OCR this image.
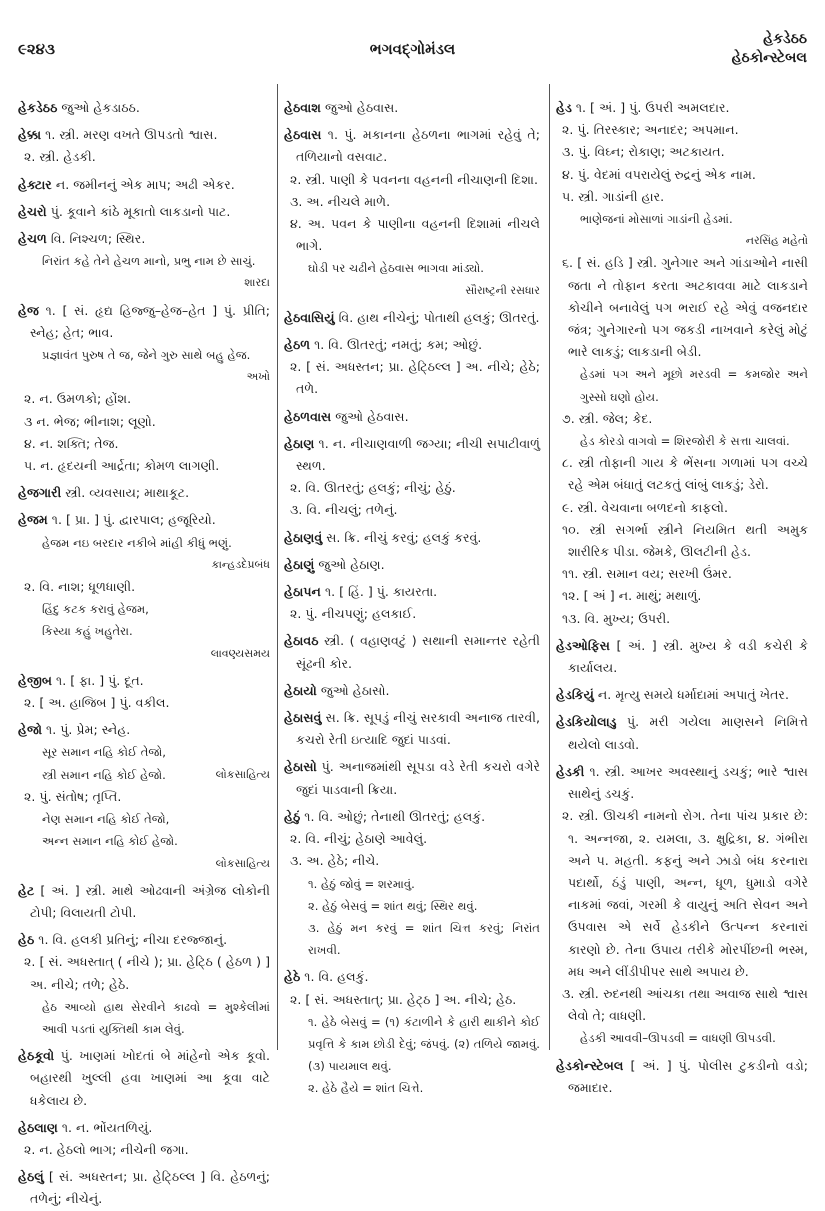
૯૨૪૩	ભગવદ્ગોમંડલ
હેકડેઠઠ
હેઠકોન્સ્ટેબલ
હેકડેઠઠ જુઓ હેકડાઠઠ.
હેક્કા ૧. સ્ત્રી. મરણ વખતે ઊપડતો શ્વાસ.
૨. સ્ત્રી. હેડકી.
હેક્ટાર ન. જમીનનું એક માપ; અઢી એકર.
હેચરો પું. કૂવાને કાંઠે મૂકાતો લાકડાનો પાટ.
હેચળ વિ. નિશ્ચળ; સ્થિર.
નિરાંત કહે તેને હેચળ માનો, પ્રભુ નામ છે સાચું.
શારદા
હેજ ૧. [ સં. હૃદ્ય હિજ્જુ–હેજ–હેત ] પું. પ્રીતિ; સ્નેહ; હેત; ભાવ.
પ્રજ્ઞાવંત પુરુષ તે જ, જેને ગુરુ સાથે બહુ હેજ.
અખો
૨. ન. ઉમળકો; હોંશ.
૩ ન. ભેજ; ભીનાશ; લૂણો.
૪. ન. શક્તિ; તેજ.
૫. ન. હૃદયની આર્દ્રતા; કોમળ લાગણી.
હેજગારી સ્ત્રી. વ્યવસાય; માથાકૂટ.
હેજમ ૧. [ પ્રા. ] પું. દ્વારપાલ; હજૂરિયો.
હેજમ નઇ બરદાર નકીબે માંહી કીધું ભણું.
કાન્હડદેપ્રબંધ
૨. વિ. નાશ; ધૂળધાણી.
હિંદુ કટક કરાવું હેજમ,
કિસ્યા કહું ખહુતેરા.
લાવણ્યસમય
હેજીબ ૧. [ ફા. ] પું. દૂત.
૨. [ અ. હાજિબ ] પું. વકીલ.
હેજો ૧. પું. પ્રેમ; સ્નેહ.
સૂર સમાન નહિ કોઈ તેજો,
સ્ત્રી સમાન નહિ કોઈ હેજો.	લોકસાહિત્ય
૨. પું. સંતોષ; તૃપ્તિ.
નેણ સમાન નહિ કોઈ તેજો,
અન્ન સમાન નહિ કોઈ હેજો.
લોકસાહિત્ય
હેટ [ અં. ] સ્ત્રી. માથે ઓઢવાની અંગ્રેજ લોકોની ટોપી; વિલાયતી ટોપી.
હેઠ ૧. વિ. હલકી પ્રતિનું; નીચા દરજ્જાનું.
૨. [ સં. અધસ્તાત્ ( નીચે ); પ્રા. હેટ્ઠિ ( હેઠળ ) ] અ. નીચે; તળે; હેઠે.
હેઠ આવ્યો હાથ સેરવીને કાઢવો = મુશ્કેલીમાં આવી પડતાં યુક્તિથી કામ લેવું.
હેઠકૂવો પું. ખાણમાં ખોદતાં બે માંહેનો એક કૂવો. બહારથી ખુલ્લી હવા ખાણમાં આ કૂવા વાટે ધકેલાય છે.
હેઠલાણ ૧. ન. ભોંયતળિયું.
૨. ન. હેઠલો ભાગ; નીચેની જગા.
હેઠલું [ સં. અધસ્તન; પ્રા. હેટ્ઠિલ્લ ] વિ. હેઠળનું; તળેનું; નીચેનું.
હેઠવાશ જુઓ હેઠવાસ.
હેઠવાસ ૧. પું. મકાનના હેઠળના ભાગમાં રહેવું તે; તળિયાનો વસવાટ.
૨. સ્ત્રી. પાણી કે પવનના વહનની નીચાણની દિશા.
૩. અ. નીચલે માળે.
૪. અ. પવન કે પાણીના વહનની દિશામાં નીચલે ભાગે.
ઘોડી પર ચઢીને હેઠવાસ ભાગવા માંડ્યો.
સૌરાષ્ટ્રની રસધાર
હેઠવાસિયું વિ. હાથ નીચેનું; પોતાથી હલકું; ઊતરતું.
હેઠળ ૧. વિ. ઊતરતું; નમતું; કમ; ઓછું.
૨. [ સં. અધસ્તન; પ્રા. હેટ્ઠિલ્લ ] અ. નીચે; હેઠે; તળે.
હેઠળવાસ જુઓ હેઠવાસ.
હેઠાણ ૧. ન. નીચાણવાળી જગ્યા; નીચી સપાટીવાળું સ્થળ.
૨. વિ. ઊતરતું; હલકું; નીચું; હેઠું.
૩. વિ. નીચલું; તળેનું.
હેઠાણવું સ. ક્રિ. નીચું કરવું; હલકું કરવું.
હેઠાણું જુઓ હેઠાણ.
હેઠાપન ૧. [ હિં. ] પું. કાયરતા.
૨. પું. નીચપણું; હલકાઈ.
હેઠાવઠ સ્ત્રી. ( વહાણવટું ) સથાની સમાન્તર રહેતી સૂંઢની કોર.
હેઠાયો જુઓ હેઠાસો.
હેઠાસવું સ. ક્રિ. સૂપડું નીચું સરકાવી અનાજ તારવી, કચરો રેતી ઇત્યાદિ જુદાં પાડવાં.
હેઠાસો પું. અનાજમાંથી સૂપડા વડે રેતી કચરો વગેરે જુદાં પાડવાની ક્રિયા.
હેઠું ૧. વિ. ઓછું; તેનાથી ઊતરતું; હલકું.
૨. વિ. નીચું; હેઠાણે આવેલું.
૩. અ. હેઠે; નીચે.
૧. હેઠું જોવું = શરમાવું.
૨. હેઠું બેસવું = શાંત થવું; સ્થિર થવું.
૩. હેઠું મન કરવું = શાંત ચિત્ત કરવું; નિરાંત રાખવી.
હેઠે ૧. વિ. હલકું.
૨. [ સં. અધસ્તાત્; પ્રા. હેટ્ઠ ] અ. નીચે; હેઠ.
૧. હેઠે બેસવું = (૧) કંટાળીને કે હારી થાકીને કોઈ પ્રવૃત્તિ કે કામ છોડી દેવું; જંપવું. (૨) તળિયે જામવું. (૩) પાયમાલ થવું.
૨. હેઠે હૈયે = શાંત ચિત્તે.
હેડ ૧. [ અં. ] પું. ઉપરી અમલદાર.
૨. પું. તિરસ્કાર; અનાદર; અપમાન.
૩. પું. વિઘ્ન; રોકાણ; અટકાયત.
૪. પું. વેદમાં વપરાયેલું રુદ્રનું એક નામ.
૫. સ્ત્રી. ગાડાંની હાર.
ભાણેજનાં મોસાળાં ગાડાંની હેડમાં.
નરસિંહ મહેતો
૬. [ સં. હડિ ] સ્ત્રી. ગુનેગાર અને ગાંડાઓને નાસી જતા ને તોફાન કરતા અટકાવવા માટે લાકડાને કોચીને બનાવેલું પગ ભરાઈ રહે એવું વજનદાર જંત્ર; ગુનેગારનો પગ જકડી નાખવાને કરેલું મોટું ભારે લાકડું; લાકડાની બેડી.
હેડમાં પગ અને મૂછો મરડવી = કમજોર અને ગુસ્સો ઘણો હોય.
૭. સ્ત્રી. જેલ; કેદ.
હેડ કોરડો વાગવો = શિરજોરી કે સત્તા ચાલવાં.
૮. સ્ત્રી તોફાની ગાય કે ભેંસના ગળામાં પગ વચ્ચે રહે એમ બંધાતું લટકતું લાંબું લાકડું; ડેરો.
૯. સ્ત્રી. વેચવાના બળદનો કાફલો.
૧૦. સ્ત્રી સગર્ભા સ્ત્રીને નિયમિત થતી અમુક શારીરિક પીડા. જેમકે, ઊલટીની હેડ.
૧૧. સ્ત્રી. સમાન વય; સરખી ઉંમર.
૧૨. [ અં ] ન. માથું; મથાળું.
૧૩. વિ. મુખ્ય; ઉપરી.
હેડઓફિસ [ અં. ] સ્ત્રી. મુખ્ય કે વડી કચેરી કે કાર્યાલય.
હેડકિયું ન. મૃત્યુ સમયે ધર્માદામાં અપાતું ખેતર.
હેડકિયોલાડુ પું. મરી ગયેલા માણસને નિમિત્તે થયેલો લાડવો.
હેડકી ૧. સ્ત્રી. આખર અવસ્થાનું ડચકું; ભારે શ્વાસ સાથેનું ડચકું.
૨. સ્ત્રી. ઊચકી નામનો રોગ. તેના પાંચ પ્રકાર છે: ૧. અન્નજા, ૨. યમલા, ૩. ક્ષુદ્રિકા, ૪. ગંભીરા અને ૫. મહતી. કફનું અને ઝાડો બંધ કરનારા પદાર્થો, ઠંડું પાણી, અન્ન, ધૂળ, ધુમાડો વગેરે નાકમાં જવાં, ગરમી કે વાયુનું અતિ સેવન અને ઉપવાસ એ સર્વે હેડકીને ઉત્પન્ન કરનારાં કારણો છે. તેના ઉપાય તરીકે મોરપીંછની ભસ્મ, મધ અને લીંડીપીપર સાથે અપાય છે.
૩. સ્ત્રી. રુદનથી આંચકા તથા અવાજ સાથે શ્વાસ લેવો તે; વાધણી.
હેડકી આવવી–ઊપડવી = વાધણી ઊપડવી.
હેડકોન્સ્ટેબલ [ અં. ] પું. પોલીસ ટુકડીનો વડો; જમાદાર.
